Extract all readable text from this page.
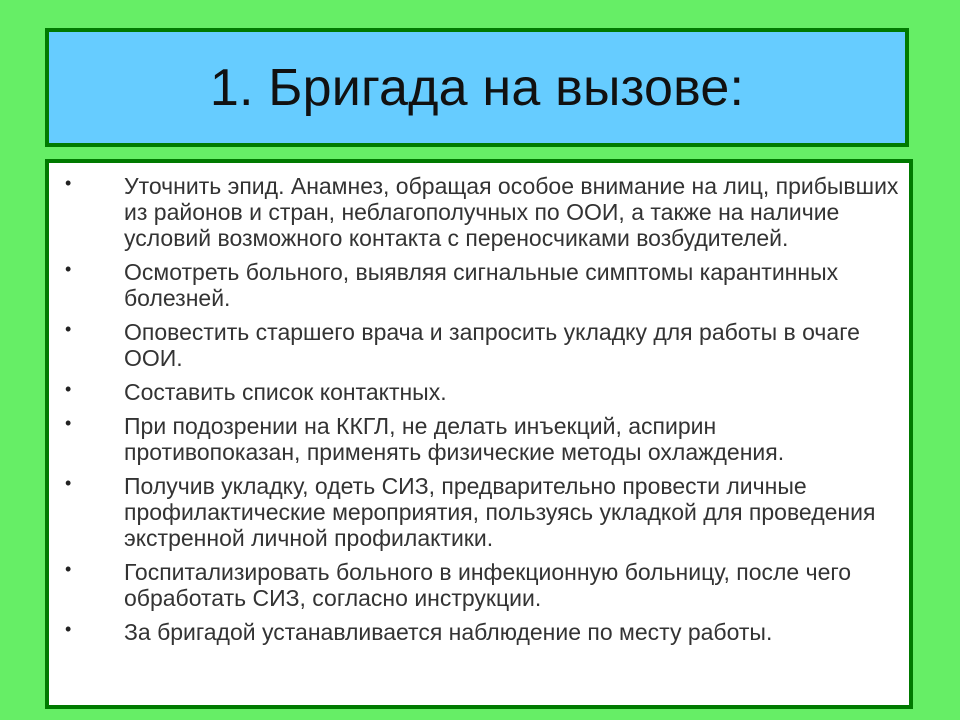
1. Бригада на вызове:
• Уточнить эпид. Анамнез, обращая особое внимание на лиц, прибывших из районов и стран, неблагополучных по ООИ, а также на наличие условий возможного контакта с переносчиками возбудителей.
• Осмотреть больного, выявляя сигнальные симптомы карантинных болезней.
• Оповестить старшего врача и запросить укладку для работы в очаге ООИ.
• Составить список контактных.
• При подозрении на ККГЛ, не делать инъекций, аспирин противопоказан, применять физические методы охлаждения.
• Получив укладку, одеть СИЗ, предварительно провести личные профилактические мероприятия, пользуясь укладкой для проведения экстренной личной профилактики.
• Госпитализировать больного в инфекционную больницу, после чего обработать СИЗ, согласно инструкции.
• За бригадой устанавливается наблюдение по месту работы.
